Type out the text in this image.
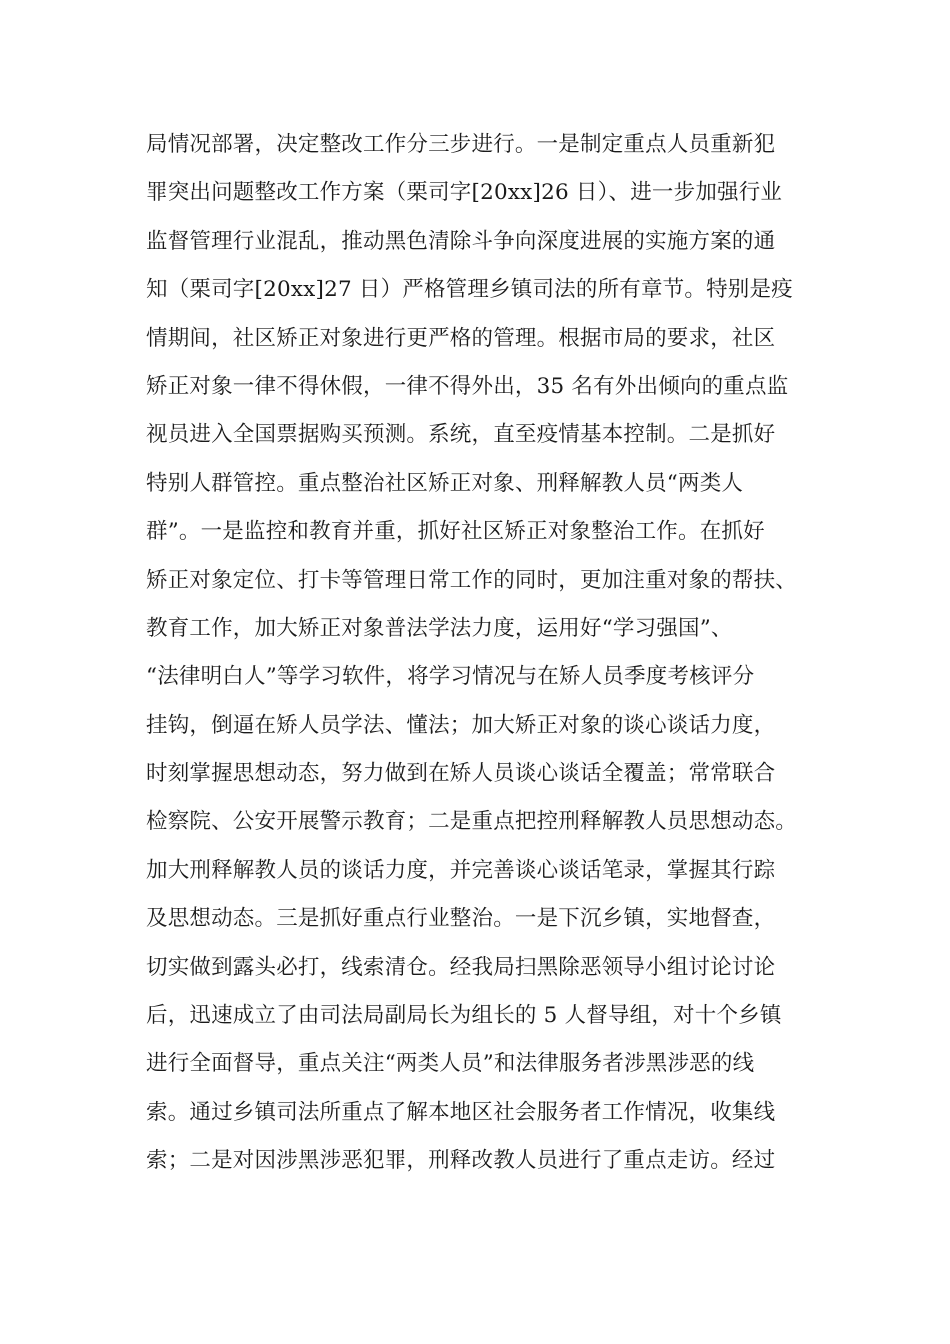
局情况部署，决定整改工作分三步进行。一是制定重点人员重新犯
罪突出问题整改工作方案（栗司字[20xx]26 日）、进一步加强行业
监督管理行业混乱，推动黑色清除斗争向深度进展的实施方案的通
知（栗司字[20xx]27 日）严格管理乡镇司法的所有章节。特别是疫
情期间，社区矫正对象进行更严格的管理。根据市局的要求，社区
矫正对象一律不得休假，一律不得外出，35 名有外出倾向的重点监
视员进入全国票据购买预测。系统，直至疫情基本控制。二是抓好
特别人群管控。重点整治社区矫正对象、刑释解教人员“两类人
群”。一是监控和教育并重，抓好社区矫正对象整治工作。在抓好
矫正对象定位、打卡等管理日常工作的同时，更加注重对象的帮扶、
教育工作，加大矫正对象普法学法力度，运用好“学习强国”、
“法律明白人”等学习软件，将学习情况与在矫人员季度考核评分
挂钩，倒逼在矫人员学法、懂法；加大矫正对象的谈心谈话力度，
时刻掌握思想动态，努力做到在矫人员谈心谈话全覆盖；常常联合
检察院、公安开展警示教育；二是重点把控刑释解教人员思想动态。
加大刑释解教人员的谈话力度，并完善谈心谈话笔录，掌握其行踪
及思想动态。三是抓好重点行业整治。一是下沉乡镇，实地督查，
切实做到露头必打，线索清仓。经我局扫黑除恶领导小组讨论讨论
后，迅速成立了由司法局副局长为组长的 5 人督导组，对十个乡镇
进行全面督导，重点关注“两类人员”和法律服务者涉黑涉恶的线
索。通过乡镇司法所重点了解本地区社会服务者工作情况，收集线
索；二是对因涉黑涉恶犯罪，刑释改教人员进行了重点走访。经过
